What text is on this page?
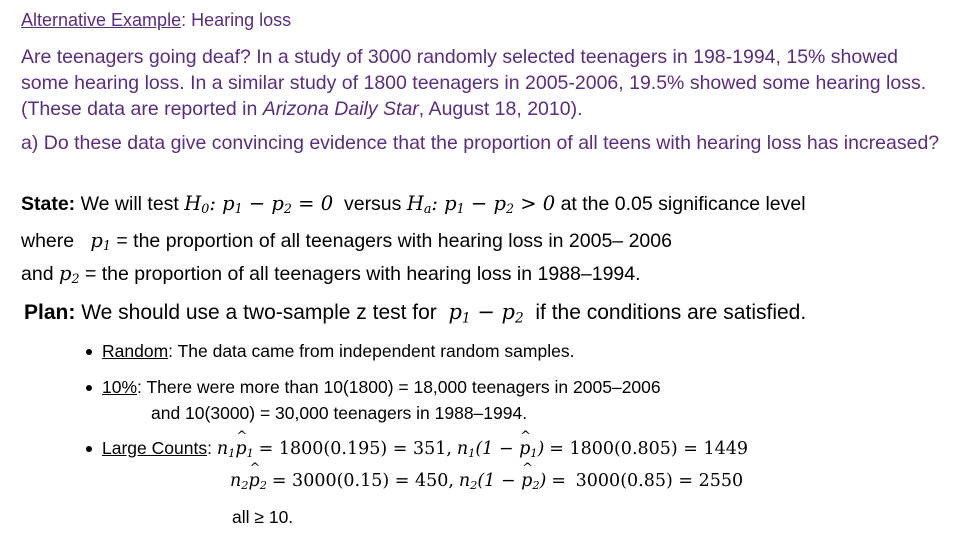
Alternative Example: Hearing loss
Are teenagers going deaf? In a study of 3000 randomly selected teenagers in 198-1994, 15% showed some hearing loss. In a similar study of 1800 teenagers in 2005-2006, 19.5% showed some hearing loss. (These data are reported in Arizona Daily Star, August 18, 2010).
a) Do these data give convincing evidence that the proportion of all teens with hearing loss has increased?
State: We will test $H_0$: $p_1 - p_2 = 0$ versus $H_a$: $p_1 - p_2 > 0$ at the 0.05 significance level
where $p_1$ = the proportion of all teenagers with hearing loss in 2005– 2006
and $p_2$ = the proportion of all teenagers with hearing loss in 1988–1994.
Plan: We should use a two-sample z test for $p_1 - p_2$ if the conditions are satisfied.
Random: The data came from independent random samples.
10%: There were more than 10(1800) = 18,000 teenagers in 2005–2006
and 10(3000) = 30,000 teenagers in 1988–1994.
Large Counts: $n_1\^{}$ $p_1 = 1800(0.195) = 351$, $n_1(1$ − ^ $p_1) = 1800(0.805) = 1449$
$n_2\^{}$ $p_2 = 3000(0.15) = 450$, $n_2(1$ − ^ $p_2) = 3000(0.85) = 2550$
all ≥ 10.
